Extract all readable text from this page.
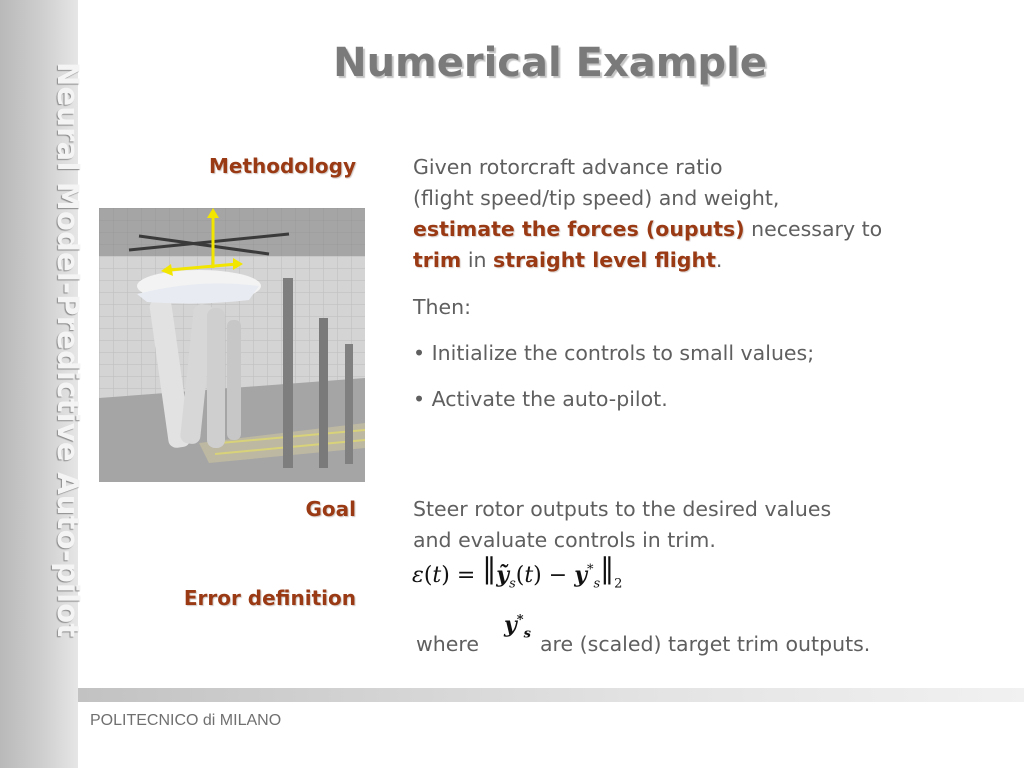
Neural Model-Predictive Auto-pilot	Numerical Example
Methodology
Goal
Error definition
Given rotorcraft advance ratio
(flight speed/tip speed) and weight,
estimate the forces (ouputs) necessary to
trim in straight level flight.
Then:
• Initialize the controls to small values;
• Activate the auto-pilot.
Steer rotor outputs to the desired values
and evaluate controls in trim.
ε(t) = ‖ỹ$_s$(t) − $y^*_s‖_2$
where
$y^*_s$ are (scaled) target trim outputs.
POLITECNICO di MILANO
